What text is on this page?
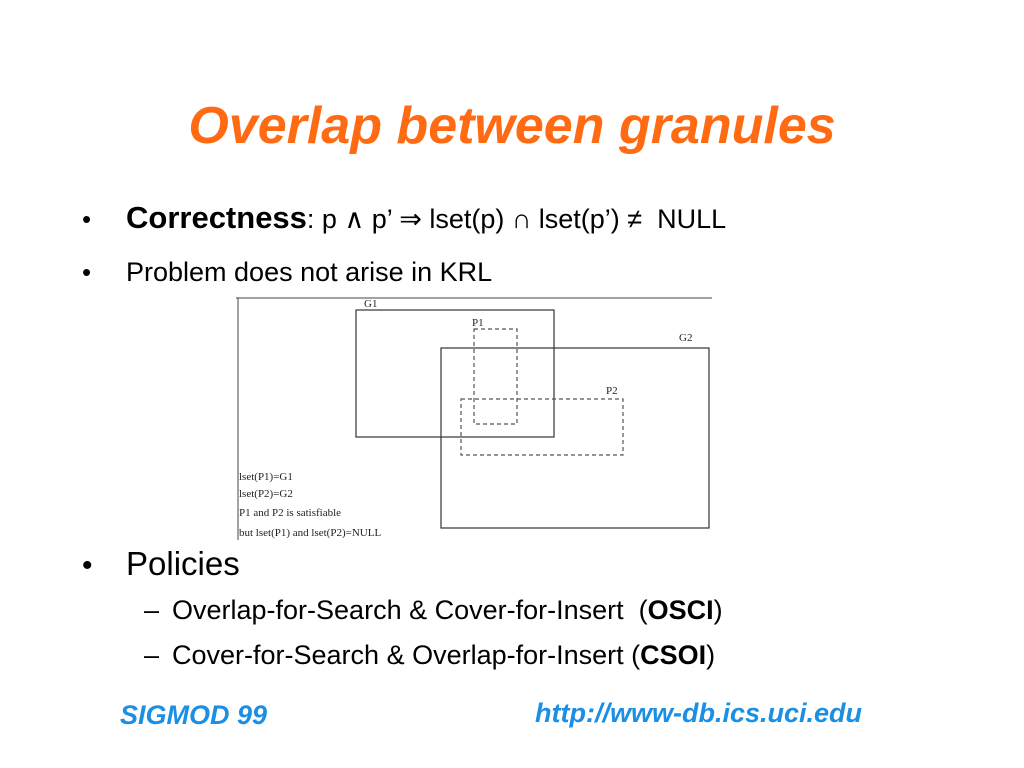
Overlap between granules
•	Correctness : p ∧ p’ ⇒ lset(p) ∩ lset(p’) ≠  NULL
•	Problem does not arise in KRL
G1
G2
P1
P2
lset(P1)=G1
lset(P2)=G2
P1 and P2 is satisfiable
but lset(P1) and lset(P2)=NULL
•	Policies
– Overlap-for-Search & Cover-for-Insert  ( OSCI )
– Cover-for-Search & Overlap-for-Insert ( CSOI )
SIGMOD 99	http://www-db.ics.uci.edu
